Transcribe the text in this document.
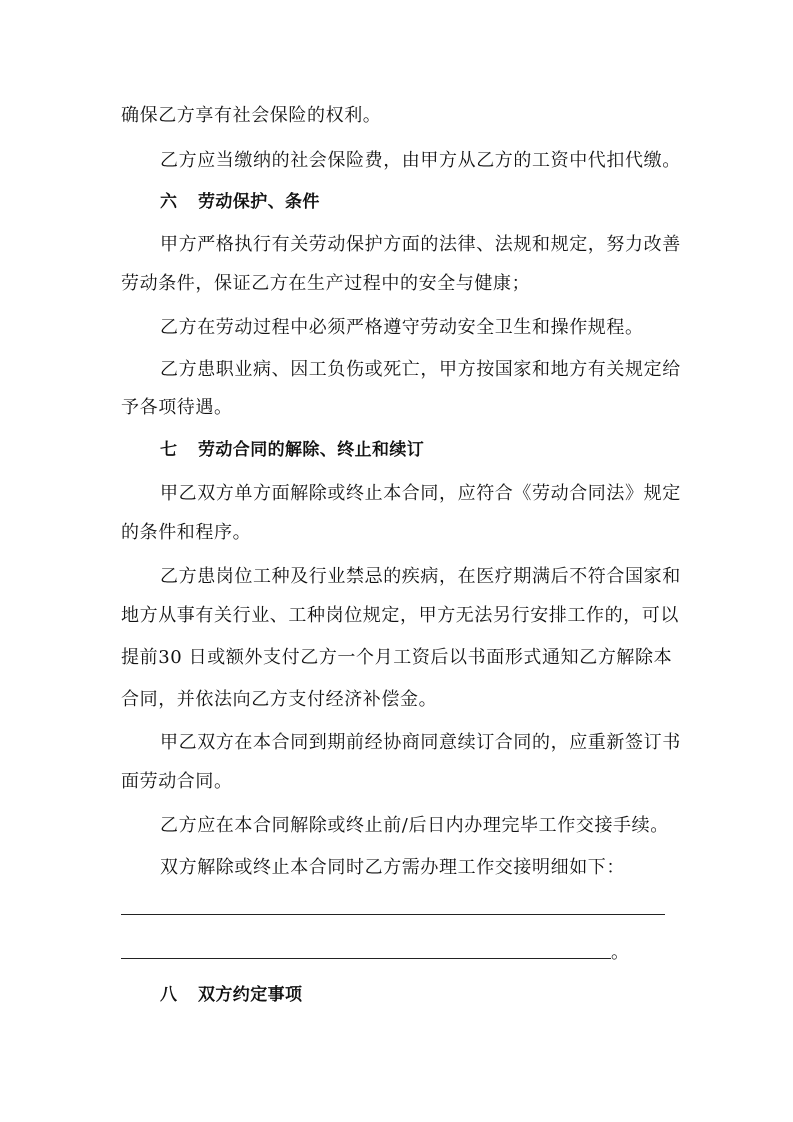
确保乙方享有社会保险的权利。
乙方应当缴纳的社会保险费，由甲方从乙方的工资中代扣代缴。
六 劳动保护、条件
甲方严格执行有关劳动保护方面的法律、法规和规定，努力改善
劳动条件，保证乙方在生产过程中的安全与健康；
乙方在劳动过程中必须严格遵守劳动安全卫生和操作规程。
乙方患职业病、因工负伤或死亡，甲方按国家和地方有关规定给
予各项待遇。
七 劳动合同的解除、终止和续订
甲乙双方单方面解除或终止本合同，应符合《劳动合同法》规定
的条件和程序。
乙方患岗位工种及行业禁忌的疾病，在医疗期满后不符合国家和
地方从事有关行业、工种岗位规定，甲方无法另行安排工作的，可以
提前30 日或额外支付乙方一个月工资后以书面形式通知乙方解除本
合同，并依法向乙方支付经济补偿金。
甲乙双方在本合同到期前经协商同意续订合同的，应重新签订书
面劳动合同。
乙方应在本合同解除或终止前/后日内办理完毕工作交接手续。
双方解除或终止本合同时乙方需办理工作交接明细如下：
。
八 双方约定事项
